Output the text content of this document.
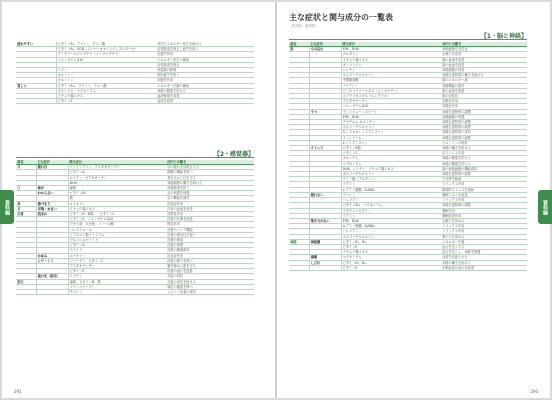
疲れやすい	ビタミンB₁、アリシン、クエン酸	体内でエネルギー産生を助ける
	ビタミンB₂、SOD（スーパーオキシドディスムターゼ）	活性酸素を除去し疲労を防ぐ
	イミダゾールジペプチド（イミダペプチド）	抗疲労作用
	コエンザイムQ10	エネルギー産生の補助
		活性酸素を除去
	リジン	体組織の修復
	カルノシン	筋肉疲労を防ぐ
	カルノシン	抗酸化作用
貧しい	ビタミンB₁₂、アリシン、クエン酸	エネルギー代謝の補助
	カルシウム・マグネシウム	神経の興奮を抑える
	イチョウ葉エキス	血液循環を改善
	ビタミンE	血流を改善
【2・感覚器】
器官	主な症状	関与成分	体内での働き
目	疲れ目	アントシアニン、アスタキサンチン	目の疲れを回復させる
		ビタミンA	網膜の機能を保つ
		ルテイン、ゼアキサンチン	青色光から目を守る
		DHA	神経細胞の働きを助ける
口	味が	亜鉛	味覚障害を防ぐ
	わからない	ビタミンB₂	舌の粘膜を保護
		鉄	舌の機能を維持
鼻	鼻づまり	ルテオリン	抗炎症作用
耳	耳鳴・めまい	イチョウ葉エキス	内耳の血流を改善
皮膚	肌あれ	ビタミンB（B群）、ビタミンC	抗酸化作用
		ビタミンE、コエンザイムQ10	皮膚の代謝を促進
		アサイ油、大豆油、リノール酸	保湿作用
		コレステロール	皮膚のバリア機能
		ヒアルロン酸ナトリウム	皮膚の保水性を保つ
		グルコシルセラミド	皮膚の保湿
		ビタミンA	皮膚の保護
		セラミド	皮膚の健康維持
	かゆみ	ルテオリン	抗炎症作用
	シワ・シミ	コラーゲン、ビタミンC	皮膚の弾力を保つ
		アスタキサンチン	紫外線から肌を守る
		ビタミンE	皮膚の血行を促進
	抜け毛（脱毛）	ケラチン	毛髪の材料
髪毛		亜鉛、ビタミンB、鉄	毛髪の成長を助ける
		マリンコラーゲン	頭皮の健康を保つ
		チロシン	メラニン色素の材料
資料編
291
主な症状と関与成分の一覧表
（作用別・症状別）
【1・脳と神経】
器官	主な症状	関与成分	体内での働き
脳	もの忘れ	EPA、DHA	神経細胞を活性化
		グルタミン	記憶力を改善
		イチョウ葉エキス	脳の血流を改善
		ギンコライド	脳の血流を改善
		レシチン	神経細胞の材料
		ホスファチジルセリン	神経伝達物質の働きを助ける
		中鎖脂肪酸	脳のエネルギー源
		ナイアシン	神経機能の維持
		ビンカマイナーエキス（ビンポセチン）	脳の血流を改善
		エゾウコギエキス（エレウテロ）	脳の活性化
		アスタキサンチン	抗酸化作用
		コエンザイムQ10	抗酸化作用
	うつ	セントジョーンズワート	神経伝達物質の調整
		EPA、DHA	神経細胞の保護
		アセチル-L-カルニチン	神経伝達物質の調整
		ホスファチジルセリン	神経伝達物質の調整
		5-ヒドロキシトリプトファン	神経伝達物質の材料
		イノシトール	神経伝達物質の調整
		L-トリプトファン	セロトニンの材料
	ストレス	ビタミンB群	神経の働きを助ける
		ビタミンC	抗ストレス作用
		カルシウム	神経の興奮を抑える
		マグネシウム	神経の興奮を抑える
		DHA、レシチン、イチョウ葉エキス	脳の神経細胞の機能維持
		ホスファチジルセリン	神経伝達物質の調整
		アミノ酸（アルギニン）	不安感を軽減
		テアニン	リラックス作用
		γ-アミノ酪酸（GABA）	精神的ストレスを緩和
	眠れない	グリシン	睡眠リズムを改善
		バレリアン	リラックス作用
		ビタミンB₁₂、マグネシウム	神経伝達物質の調整
		ラクチュコピクリン	睡眠作用
		テアニン	睡眠改善作用
	集中力がない	EPA、DHA	記憶力を高める
		α-アミノ酪酸（GABA）	リラックス作用
		バレリアン	リラックス作用
		ホスファチジルセリン	集中力を高める
神経	神経痛	ビタミンB₁、B₁₂	エネルギー代謝
		ビタミンE	血行を良くする
		イチョウ葉エキス	血行を良くし、神経を保護
	頭痛	マグネシウム	血管を収縮させる
	しびれ	ビタミンB₁、B₁₂	神経の働きを助ける
		ビタミンE	末梢血管の血行を改善
資料編
290
